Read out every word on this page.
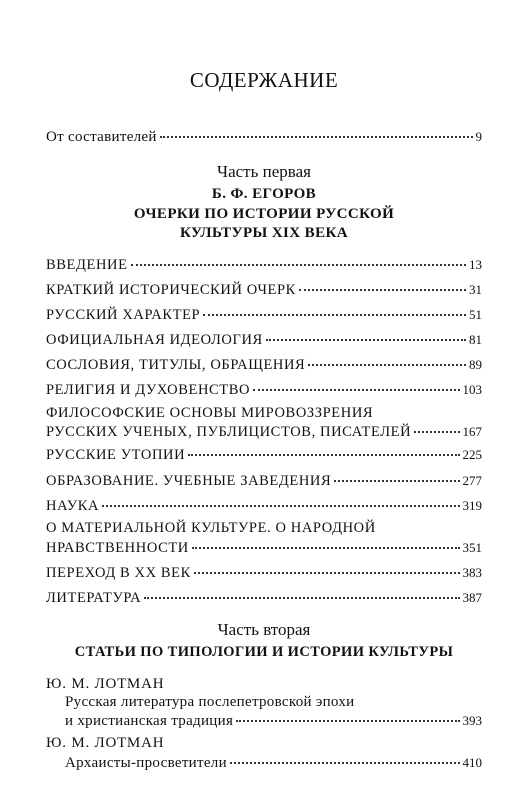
СОДЕРЖАНИЕ
От составителей	9
Часть первая
Б. Ф. ЕГОРОВ
ОЧЕРКИ ПО ИСТОРИИ РУССКОЙ
КУЛЬТУРЫ XIX ВЕКА
ВВЕДЕНИЕ	13
КРАТКИЙ ИСТОРИЧЕСКИЙ ОЧЕРК	31
РУССКИЙ ХАРАКТЕР	51
ОФИЦИАЛЬНАЯ ИДЕОЛОГИЯ	81
СОСЛОВИЯ, ТИТУЛЫ, ОБРАЩЕНИЯ	89
РЕЛИГИЯ И ДУХОВЕНСТВО	103
ФИЛОСОФСКИЕ ОСНОВЫ МИРОВОЗЗРЕНИЯ
РУССКИХ УЧЕНЫХ, ПУБЛИЦИСТОВ, ПИСАТЕЛЕЙ	167
РУССКИЕ УТОПИИ	225
ОБРАЗОВАНИЕ. УЧЕБНЫЕ ЗАВЕДЕНИЯ	277
НАУКА	319
О МАТЕРИАЛЬНОЙ КУЛЬТУРЕ. О НАРОДНОЙ
НРАВСТВЕННОСТИ	351
ПЕРЕХОД В XX ВЕК	383
ЛИТЕРАТУРА	387
Часть вторая
СТАТЬИ ПО ТИПОЛОГИИ И ИСТОРИИ КУЛЬТУРЫ
Ю. М. ЛОТМАН
Русская литература послепетровской эпохи
и христианская традиция	393
Ю. М. ЛОТМАН
Архаисты-просветители	410
